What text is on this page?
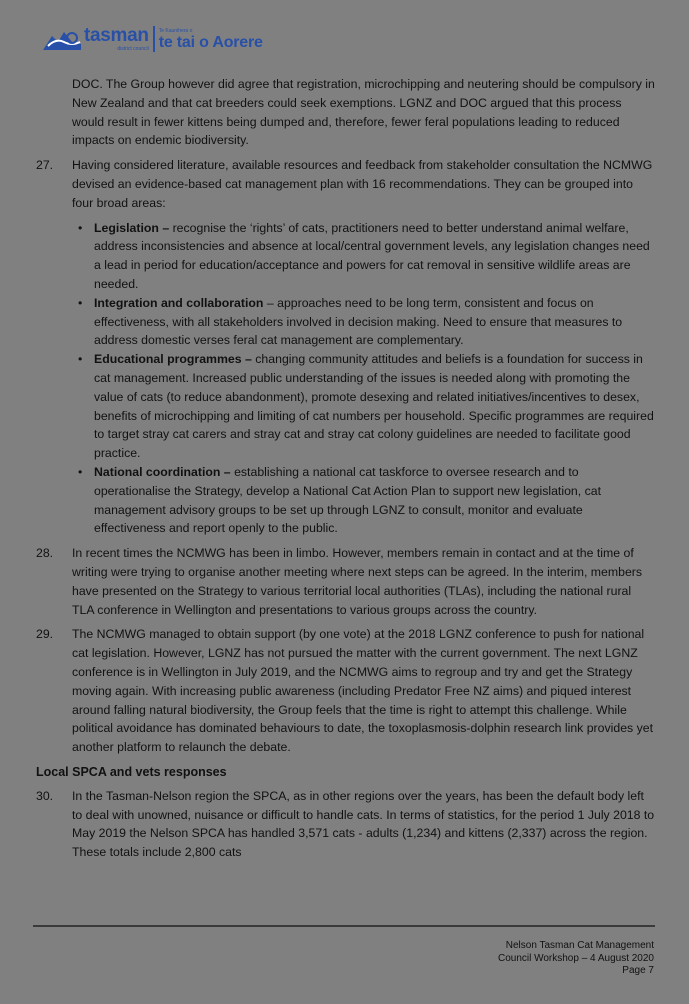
tasman
district council
Te Kaunihera o
te tai o Aorere
DOC. The Group however did agree that registration, microchipping and neutering should be compulsory in New Zealand and that cat breeders could seek exemptions. LGNZ and DOC argued that this process would result in fewer kittens being dumped and, therefore, fewer feral populations leading to reduced impacts on endemic biodiversity.
27.	Having considered literature, available resources and feedback from stakeholder consultation the NCMWG devised an evidence-based cat management plan with 16 recommendations. They can be grouped into four broad areas:
• Legislation – recognise the ‘rights’ of cats, practitioners need to better understand animal welfare, address inconsistencies and absence at local/central government levels, any legislation changes need a lead in period for education/acceptance and powers for cat removal in sensitive wildlife areas are needed.
• Integration and collaboration – approaches need to be long term, consistent and focus on effectiveness, with all stakeholders involved in decision making. Need to ensure that measures to address domestic verses feral cat management are complementary.
• Educational programmes – changing community attitudes and beliefs is a foundation for success in cat management. Increased public understanding of the issues is needed along with promoting the value of cats (to reduce abandonment), promote desexing and related initiatives/incentives to desex, benefits of microchipping and limiting of cat numbers per household. Specific programmes are required to target stray cat carers and stray cat and stray cat colony guidelines are needed to facilitate good practice.
• National coordination – establishing a national cat taskforce to oversee research and to operationalise the Strategy, develop a National Cat Action Plan to support new legislation, cat management advisory groups to be set up through LGNZ to consult, monitor and evaluate effectiveness and report openly to the public.
28.	In recent times the NCMWG has been in limbo. However, members remain in contact and at the time of writing were trying to organise another meeting where next steps can be agreed. In the interim, members have presented on the Strategy to various territorial local authorities (TLAs), including the national rural TLA conference in Wellington and presentations to various groups across the country.
29.	The NCMWG managed to obtain support (by one vote) at the 2018 LGNZ conference to push for national cat legislation. However, LGNZ has not pursued the matter with the current government. The next LGNZ conference is in Wellington in July 2019, and the NCMWG aims to regroup and try and get the Strategy moving again. With increasing public awareness (including Predator Free NZ aims) and piqued interest around falling natural biodiversity, the Group feels that the time is right to attempt this challenge. While political avoidance has dominated behaviours to date, the toxoplasmosis-dolphin research link provides yet another platform to relaunch the debate.
Local SPCA and vets responses
30.	In the Tasman-Nelson region the SPCA, as in other regions over the years, has been the default body left to deal with unowned, nuisance or difficult to handle cats. In terms of statistics, for the period 1 July 2018 to May 2019 the Nelson SPCA has handled 3,571 cats - adults (1,234) and kittens (2,337) across the region. These totals include 2,800 cats
Nelson Tasman Cat Management
Council Workshop – 4 August 2020
Page 7
